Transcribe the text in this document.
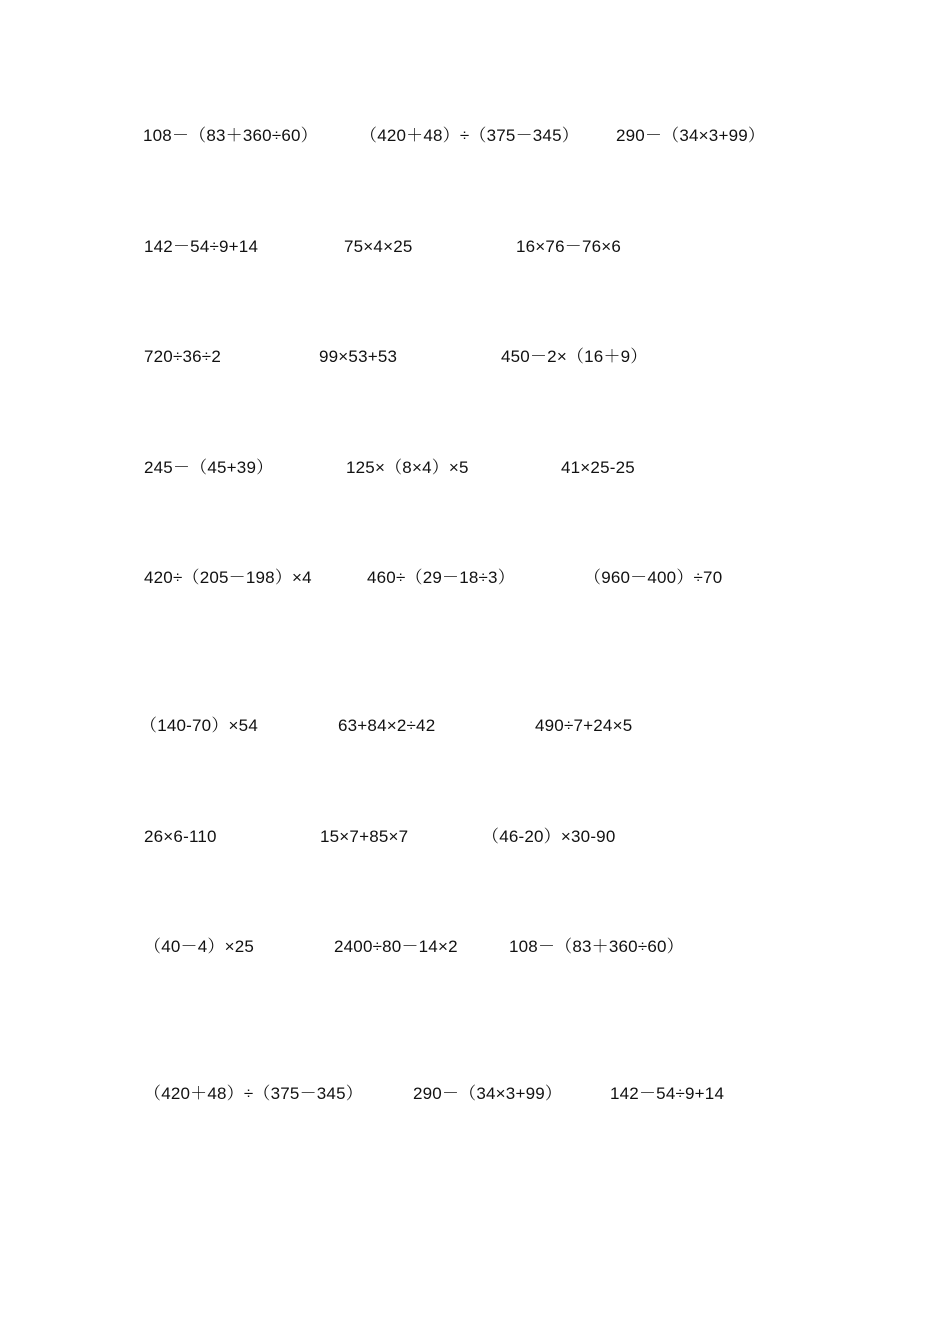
108－（83＋360÷60） （420＋48）÷（375－345） 290－（34×3+99）
142－54÷9+14	75×4×25	16×76－76×6
720÷36÷2	99×53+53	450－2×（16＋9）
245－（45+39）	125×（8×4）×5	41×25-25
420÷（205－198）×4	460÷（29－18÷3）	（960－400）÷70
（140-70）×54	63+84×2÷42	490÷7+24×5
26×6-110	15×7+85×7	（46-20）×30-90
（40－4）×25	2400÷80－14×2	108－（83＋360÷60）
（420＋48）÷（375－345）	290－（34×3+99）	142－54÷9+14
